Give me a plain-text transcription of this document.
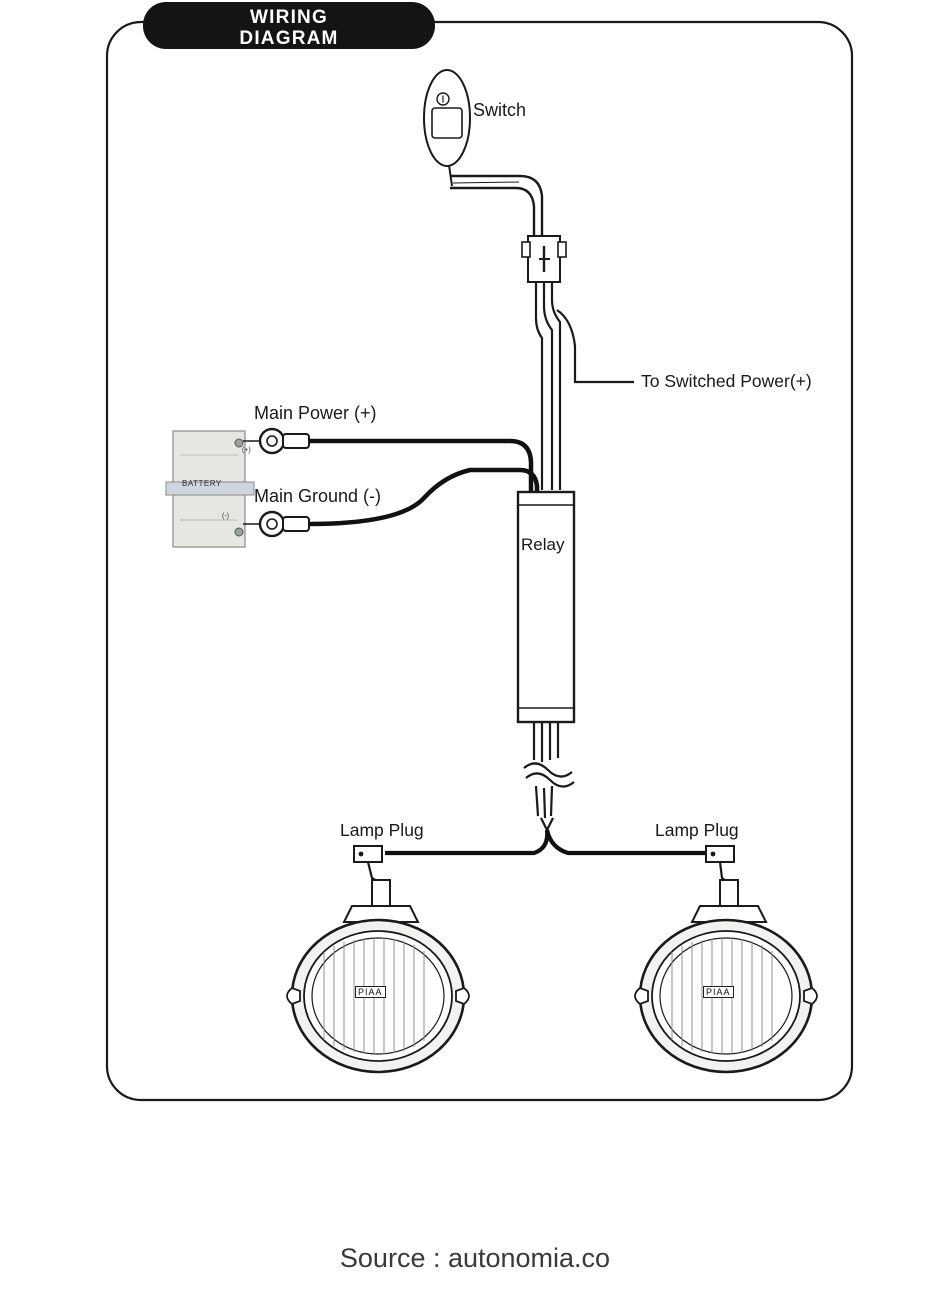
WIRING
DIAGRAM
Switch
To Switched Power(+)
Main Power (+)
Main Ground (-)
Relay
Lamp Plug	Lamp Plug
BATTERY
(+)
(-)
PIAA	PIAA
Source : autonomia.co
